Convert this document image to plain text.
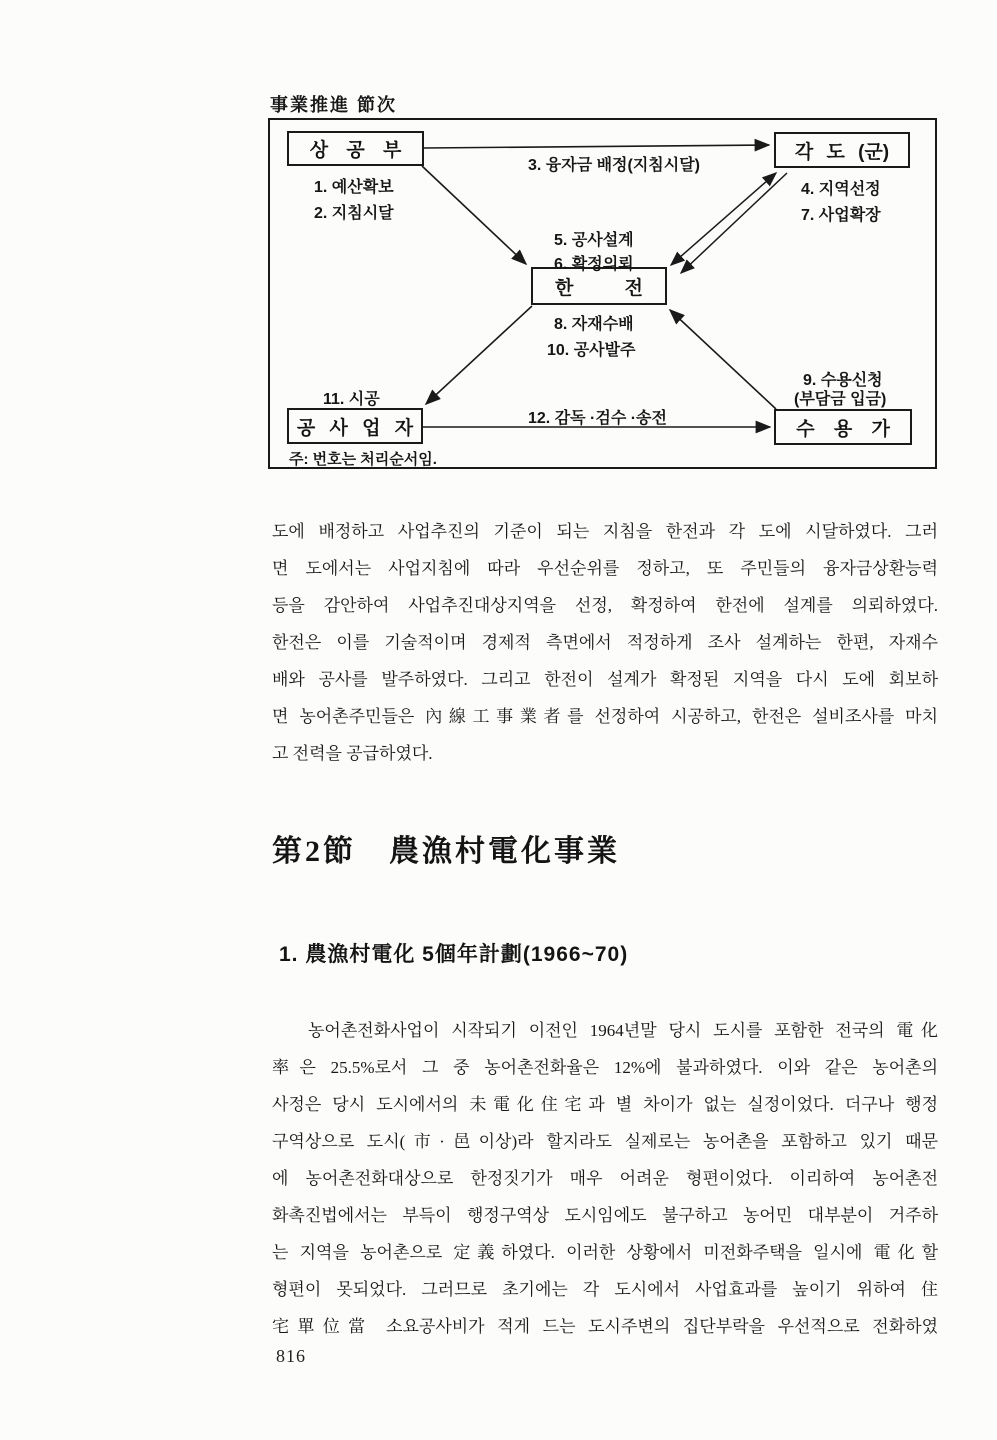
事業推進 節次
상 공 부	각 도 (군)
한 전
공 사 업 자	수 용 가
1. 예산확보
2. 지침시달
3. 융자금 배정(지침시달)
4. 지역선정
5. 공사설계
6. 확정의뢰
7. 사업확장
8. 자재수배
9. 수용신청
(부담금 입금)
10. 공사발주
11. 시공
12. 감독 ·검수 ·송전
주: 번호는 처리순서임.
도에 배정하고 사업추진의 기준이 되는 지침을 한전과 각 도에 시달하였다. 그러
면 도에서는 사업지침에 따라 우선순위를 정하고, 또 주민들의 융자금상환능력
등을 감안하여 사업추진대상지역을 선정, 확정하여 한전에 설계를 의뢰하였다.
한전은 이를 기술적이며 경제적 측면에서 적정하게 조사 설계하는 한편, 자재수
배와 공사를 발주하였다. 그리고 한전이 설계가 확정된 지역을 다시 도에 회보하
면 농어촌주민들은 內線工事業者를 선정하여 시공하고, 한전은 설비조사를 마치
고 전력을 공급하였다.
第2節　農漁村電化事業
1. 農漁村電化 5個年計劃(1966~70)
농어촌전화사업이 시작되기 이전인 1964년말 당시 도시를 포함한 전국의 電化
率은 25.5%로서 그 중 농어촌전화율은 12%에 불과하였다. 이와 같은 농어촌의
사정은 당시 도시에서의 未電化住宅과 별 차이가 없는 실정이었다. 더구나 행정
구역상으로 도시(市·邑이상)라 할지라도 실제로는 농어촌을 포함하고 있기 때문
에 농어촌전화대상으로 한정짓기가 매우 어려운 형편이었다. 이리하여 농어촌전
화촉진법에서는 부득이 행정구역상 도시임에도 불구하고 농어민 대부분이 거주하
는 지역을 농어촌으로 定義하였다. 이러한 상황에서 미전화주택을 일시에 電化할
형편이 못되었다. 그러므로 초기에는 각 도시에서 사업효과를 높이기 위하여 住
宅單位當 소요공사비가 적게 드는 도시주변의 집단부락을 우선적으로 전화하였
816
